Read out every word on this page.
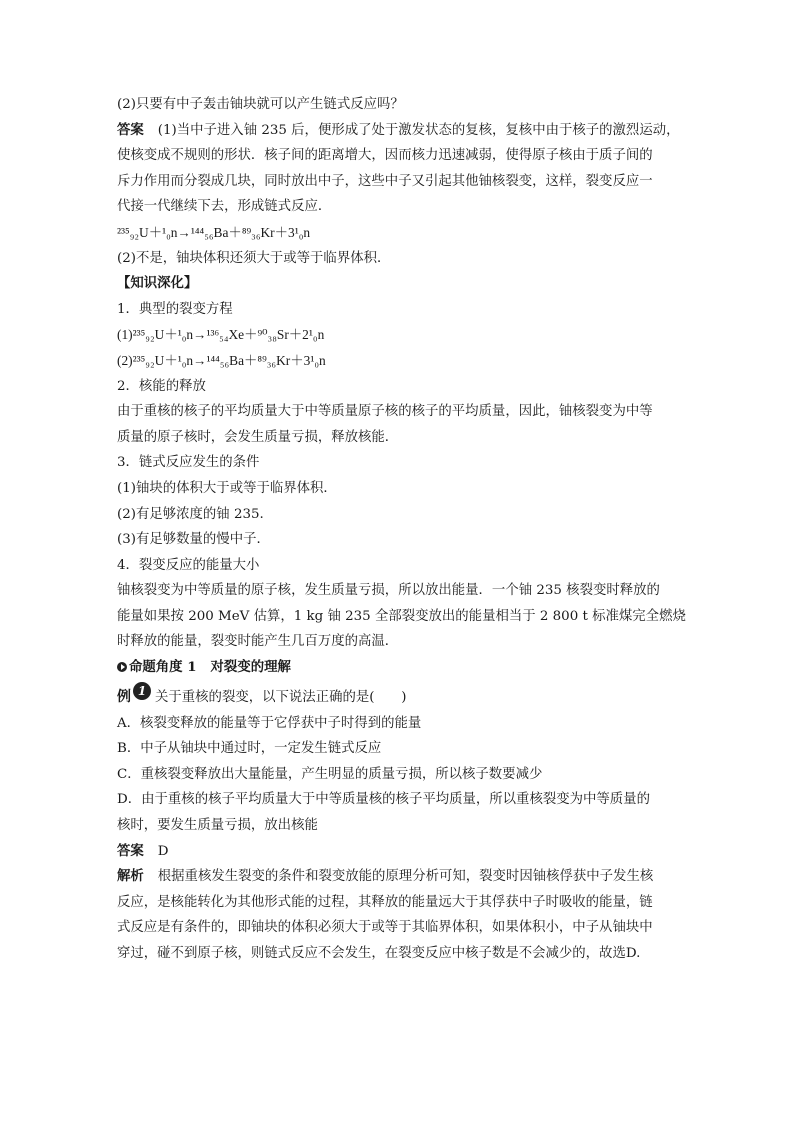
(2)只要有中子轰击铀块就可以产生链式反应吗？
答案 (1)当中子进入铀 235 后，便形成了处于激发状态的复核，复核中由于核子的激烈运动，
使核变成不规则的形状．核子间的距离增大，因而核力迅速减弱，使得原子核由于质子间的
斥力作用而分裂成几块，同时放出中子，这些中子又引起其他铀核裂变，这样，裂变反应一
代接一代继续下去，形成链式反应．
²³⁵₉₂U＋¹₀n→¹⁴⁴₅₆Ba＋⁸⁹₃₆Kr＋3¹₀n
(2)不是，铀块体积还须大于或等于临界体积．
【知识深化】
1．典型的裂变方程
(1)²³⁵₉₂U＋¹₀n→¹³⁶₅₄Xe＋⁹⁰₃₈Sr＋2¹₀n
(2)²³⁵₉₂U＋¹₀n→¹⁴⁴₅₆Ba＋⁸⁹₃₆Kr＋3¹₀n
2．核能的释放
由于重核的核子的平均质量大于中等质量原子核的核子的平均质量，因此，铀核裂变为中等
质量的原子核时，会发生质量亏损，释放核能．
3．链式反应发生的条件
(1)铀块的体积大于或等于临界体积．
(2)有足够浓度的铀 235.
(3)有足够数量的慢中子．
4．裂变反应的能量大小
铀核裂变为中等质量的原子核，发生质量亏损，所以放出能量．一个铀 235 核裂变时释放的
能量如果按 200 MeV 估算，1 kg 铀 235 全部裂变放出的能量相当于 2 800 t 标准煤完全燃烧
时释放的能量，裂变时能产生几百万度的高温．
命题角度 1 对裂变的理解
例 1 关于重核的裂变，以下说法正确的是(　　)
A．核裂变释放的能量等于它俘获中子时得到的能量
B．中子从铀块中通过时，一定发生链式反应
C．重核裂变释放出大量能量，产生明显的质量亏损，所以核子数要减少
D．由于重核的核子平均质量大于中等质量核的核子平均质量，所以重核裂变为中等质量的
核时，要发生质量亏损，放出核能
答案 D
解析 根据重核发生裂变的条件和裂变放能的原理分析可知，裂变时因铀核俘获中子发生核
反应，是核能转化为其他形式能的过程，其释放的能量远大于其俘获中子时吸收的能量，链
式反应是有条件的，即铀块的体积必须大于或等于其临界体积，如果体积小，中子从铀块中
穿过，碰不到原子核，则链式反应不会发生，在裂变反应中核子数是不会减少的，故选D.
